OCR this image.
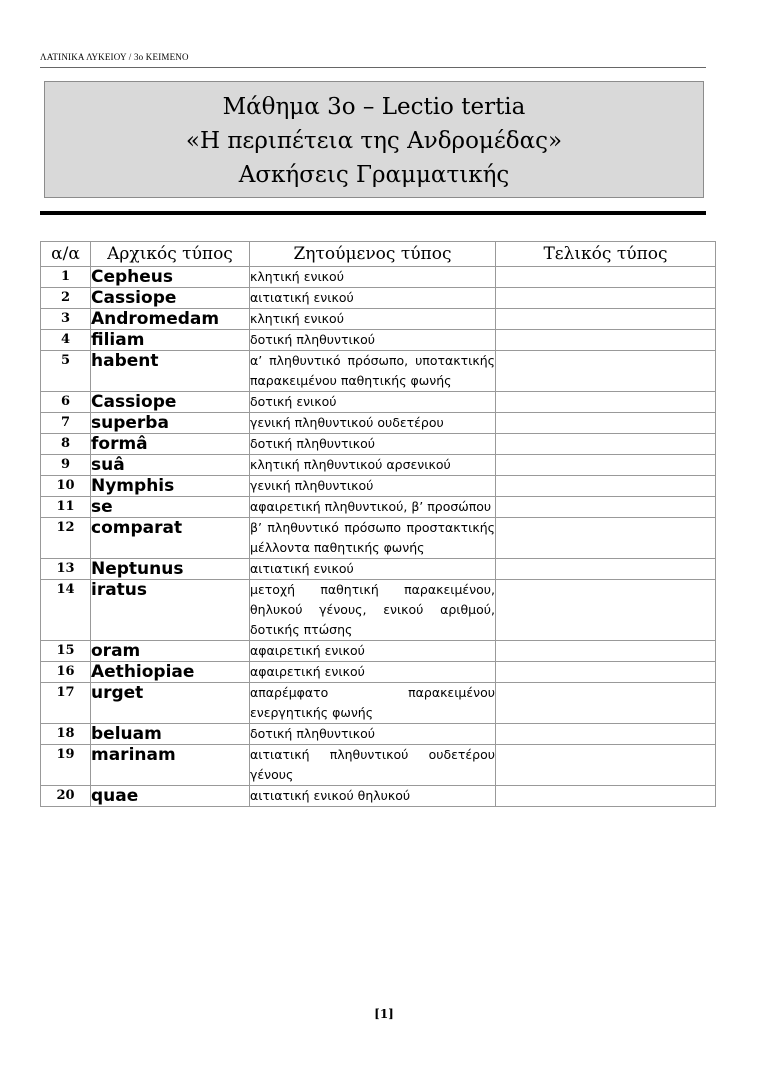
ΛΑΤΙΝΙΚΑ ΛΥΚΕΙΟΥ / 3ο ΚΕΙΜΕΝΟ
Μάθημα 3ο – Lectio tertia
«Η περιπέτεια της Ανδρομέδας»
Ασκήσεις Γραμματικής
α/α	Αρχικός τύπος	Ζητούμενος τύπος	Τελικός τύπος
1	Cepheus	κλητική ενικού	
2	Cassiope	αιτιατική ενικού	
3	Andromedam	κλητική ενικού	
4	filiam	δοτική πληθυντικού	
5	habent	α’ πληθυντικό πρόσωπο, υποτακτικής παρακειμένου παθητικής φωνής	
6	Cassiope	δοτική ενικού	
7	superba	γενική πληθυντικού ουδετέρου	
8	formâ	δοτική πληθυντικού	
9	suâ	κλητική πληθυντικού αρσενικού	
10	Nymphis	γενική πληθυντικού	
11	se	αφαιρετική πληθυντικού, β’ προσώπου	
12	comparat	β’ πληθυντικό πρόσωπο προστακτικής μέλλοντα παθητικής φωνής	
13	Neptunus	αιτιατική ενικού	
14	iratus	μετοχή παθητική παρακειμένου, θηλυκού γένους, ενικού αριθμού, δοτικής πτώσης	
15	oram	αφαιρετική ενικού	
16	Aethiopiae	αφαιρετική ενικού	
17	urget	απαρέμφατο παρακειμένου ενεργητικής φωνής	
18	beluam	δοτική πληθυντικού	
19	marinam	αιτιατική πληθυντικού ουδετέρου γένους	
20	quae	αιτιατική ενικού θηλυκού	
[1]
